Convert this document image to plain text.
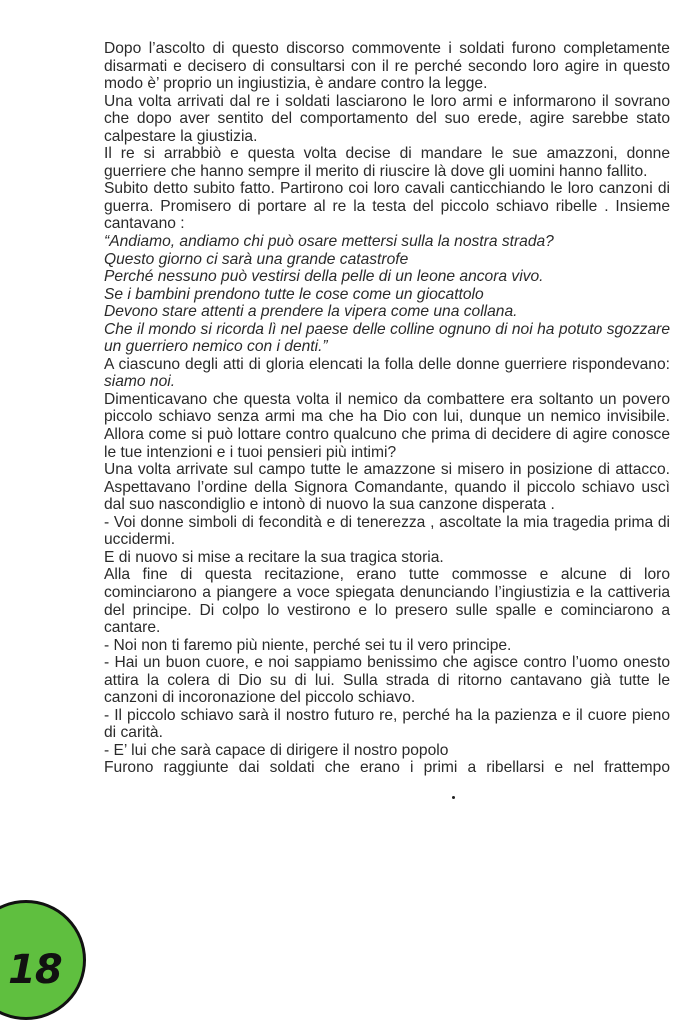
Dopo l’ascolto di questo discorso commovente i soldati furono completamente disarmati e decisero di consultarsi con il re perché secondo loro agire in questo modo è’ proprio un ingiustizia, è andare contro la legge.

Una volta arrivati dal re i soldati lasciarono le loro armi e informarono il sovrano che dopo aver sentito del comportamento del suo erede, agire sarebbe stato calpestare la giustizia.

Il re si arrabbiò e questa volta decise di mandare le sue amazzoni, donne guerriere che hanno sempre il merito di riuscire là dove gli uomini hanno fallito.

Subito detto subito fatto. Partirono coi loro cavali canticchiando le loro canzoni di guerra. Promisero di portare al re la testa del piccolo schiavo ribelle . Insieme cantavano :

“Andiamo, andiamo chi può osare mettersi sulla la nostra strada?

Questo giorno ci sarà una grande catastrofe

Perché nessuno può vestirsi della pelle di un leone ancora vivo.

Se i bambini prendono tutte le cose come un giocattolo

Devono stare attenti a prendere la vipera come una collana.

Che il mondo si ricorda lì nel paese delle colline ognuno di noi ha potuto sgozzare un guerriero nemico con i denti.”

A ciascuno degli atti di gloria elencati la folla delle donne guerriere rispondevano: siamo noi.

Dimenticavano che questa volta il nemico da combattere era soltanto un povero piccolo schiavo senza armi ma che ha Dio con lui, dunque un nemico invisibile. Allora come si può lottare contro qualcuno che prima di decidere di agire conosce le tue intenzioni e i tuoi pensieri più intimi?

Una volta arrivate sul campo tutte le amazzone si misero in posizione di attacco. Aspettavano l’ordine della Signora Comandante, quando il piccolo schiavo uscì dal suo nascondiglio e intonò di nuovo la sua canzone disperata .

- Voi donne simboli di fecondità e di tenerezza , ascoltate la mia tragedia prima di uccidermi.

E di nuovo si mise a recitare la sua tragica storia.

Alla fine di questa recitazione, erano tutte commosse e alcune di loro cominciarono a piangere a voce spiegata denunciando l’ingiustizia e la cattiveria del principe. Di colpo lo vestirono e lo presero sulle spalle e cominciarono a cantare.

- Noi non ti faremo più niente, perché sei tu il vero principe.

- Hai un buon cuore, e noi sappiamo benissimo che agisce contro l’uomo onesto attira la colera di Dio su di lui. Sulla strada di ritorno cantavano già tutte le canzoni di incoronazione del piccolo schiavo.

- Il piccolo schiavo sarà il nostro futuro re, perché ha la pazienza e il cuore pieno di carità.

- E’ lui che sarà capace di dirigere il nostro popolo

Furono raggiunte dai soldati che erano i primi a ribellarsi e nel frattempo

18
